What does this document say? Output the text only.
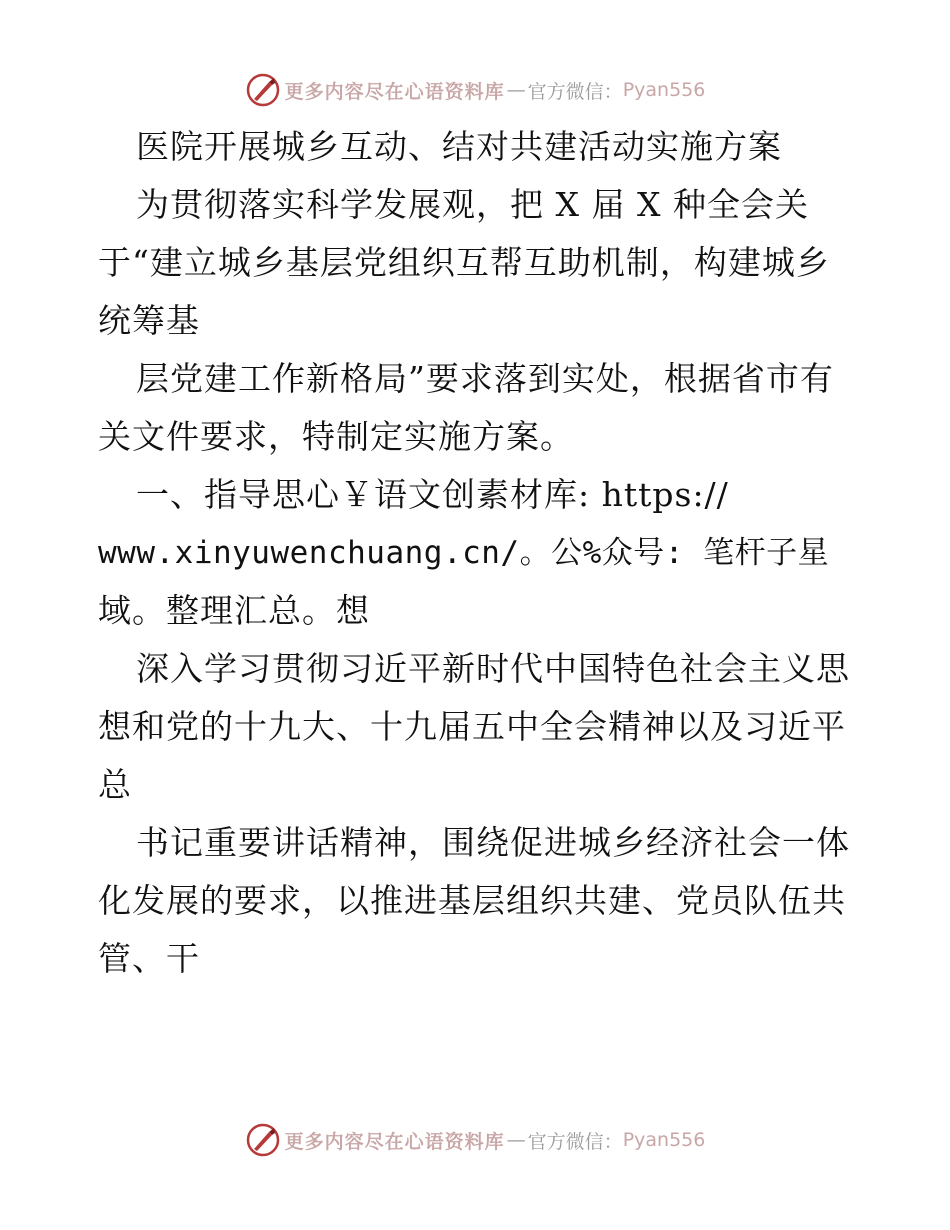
更多内容尽在心语资料库 — 官方微信： Pyan556
医院开展城乡互动、结对共建活动实施方案
为贯彻落实科学发展观，把 X 届 X 种全会关
于“建立城乡基层党组织互帮互助机制，构建城乡
统筹基
层党建工作新格局”要求落到实处，根据省市有
关文件要求，特制定实施方案。
一、指导思心￥语文创素材库: https://
www.xinyuwenchuang.cn/。公%众号: 笔杆子星
域。整理汇总。想
深入学习贯彻习近平新时代中国特色社会主义思
想和党的十九大、十九届五中全会精神以及习近平
总
书记重要讲话精神，围绕促进城乡经济社会一体
化发展的要求，以推进基层组织共建、党员队伍共
管、干
更多内容尽在心语资料库 — 官方微信： Pyan556
